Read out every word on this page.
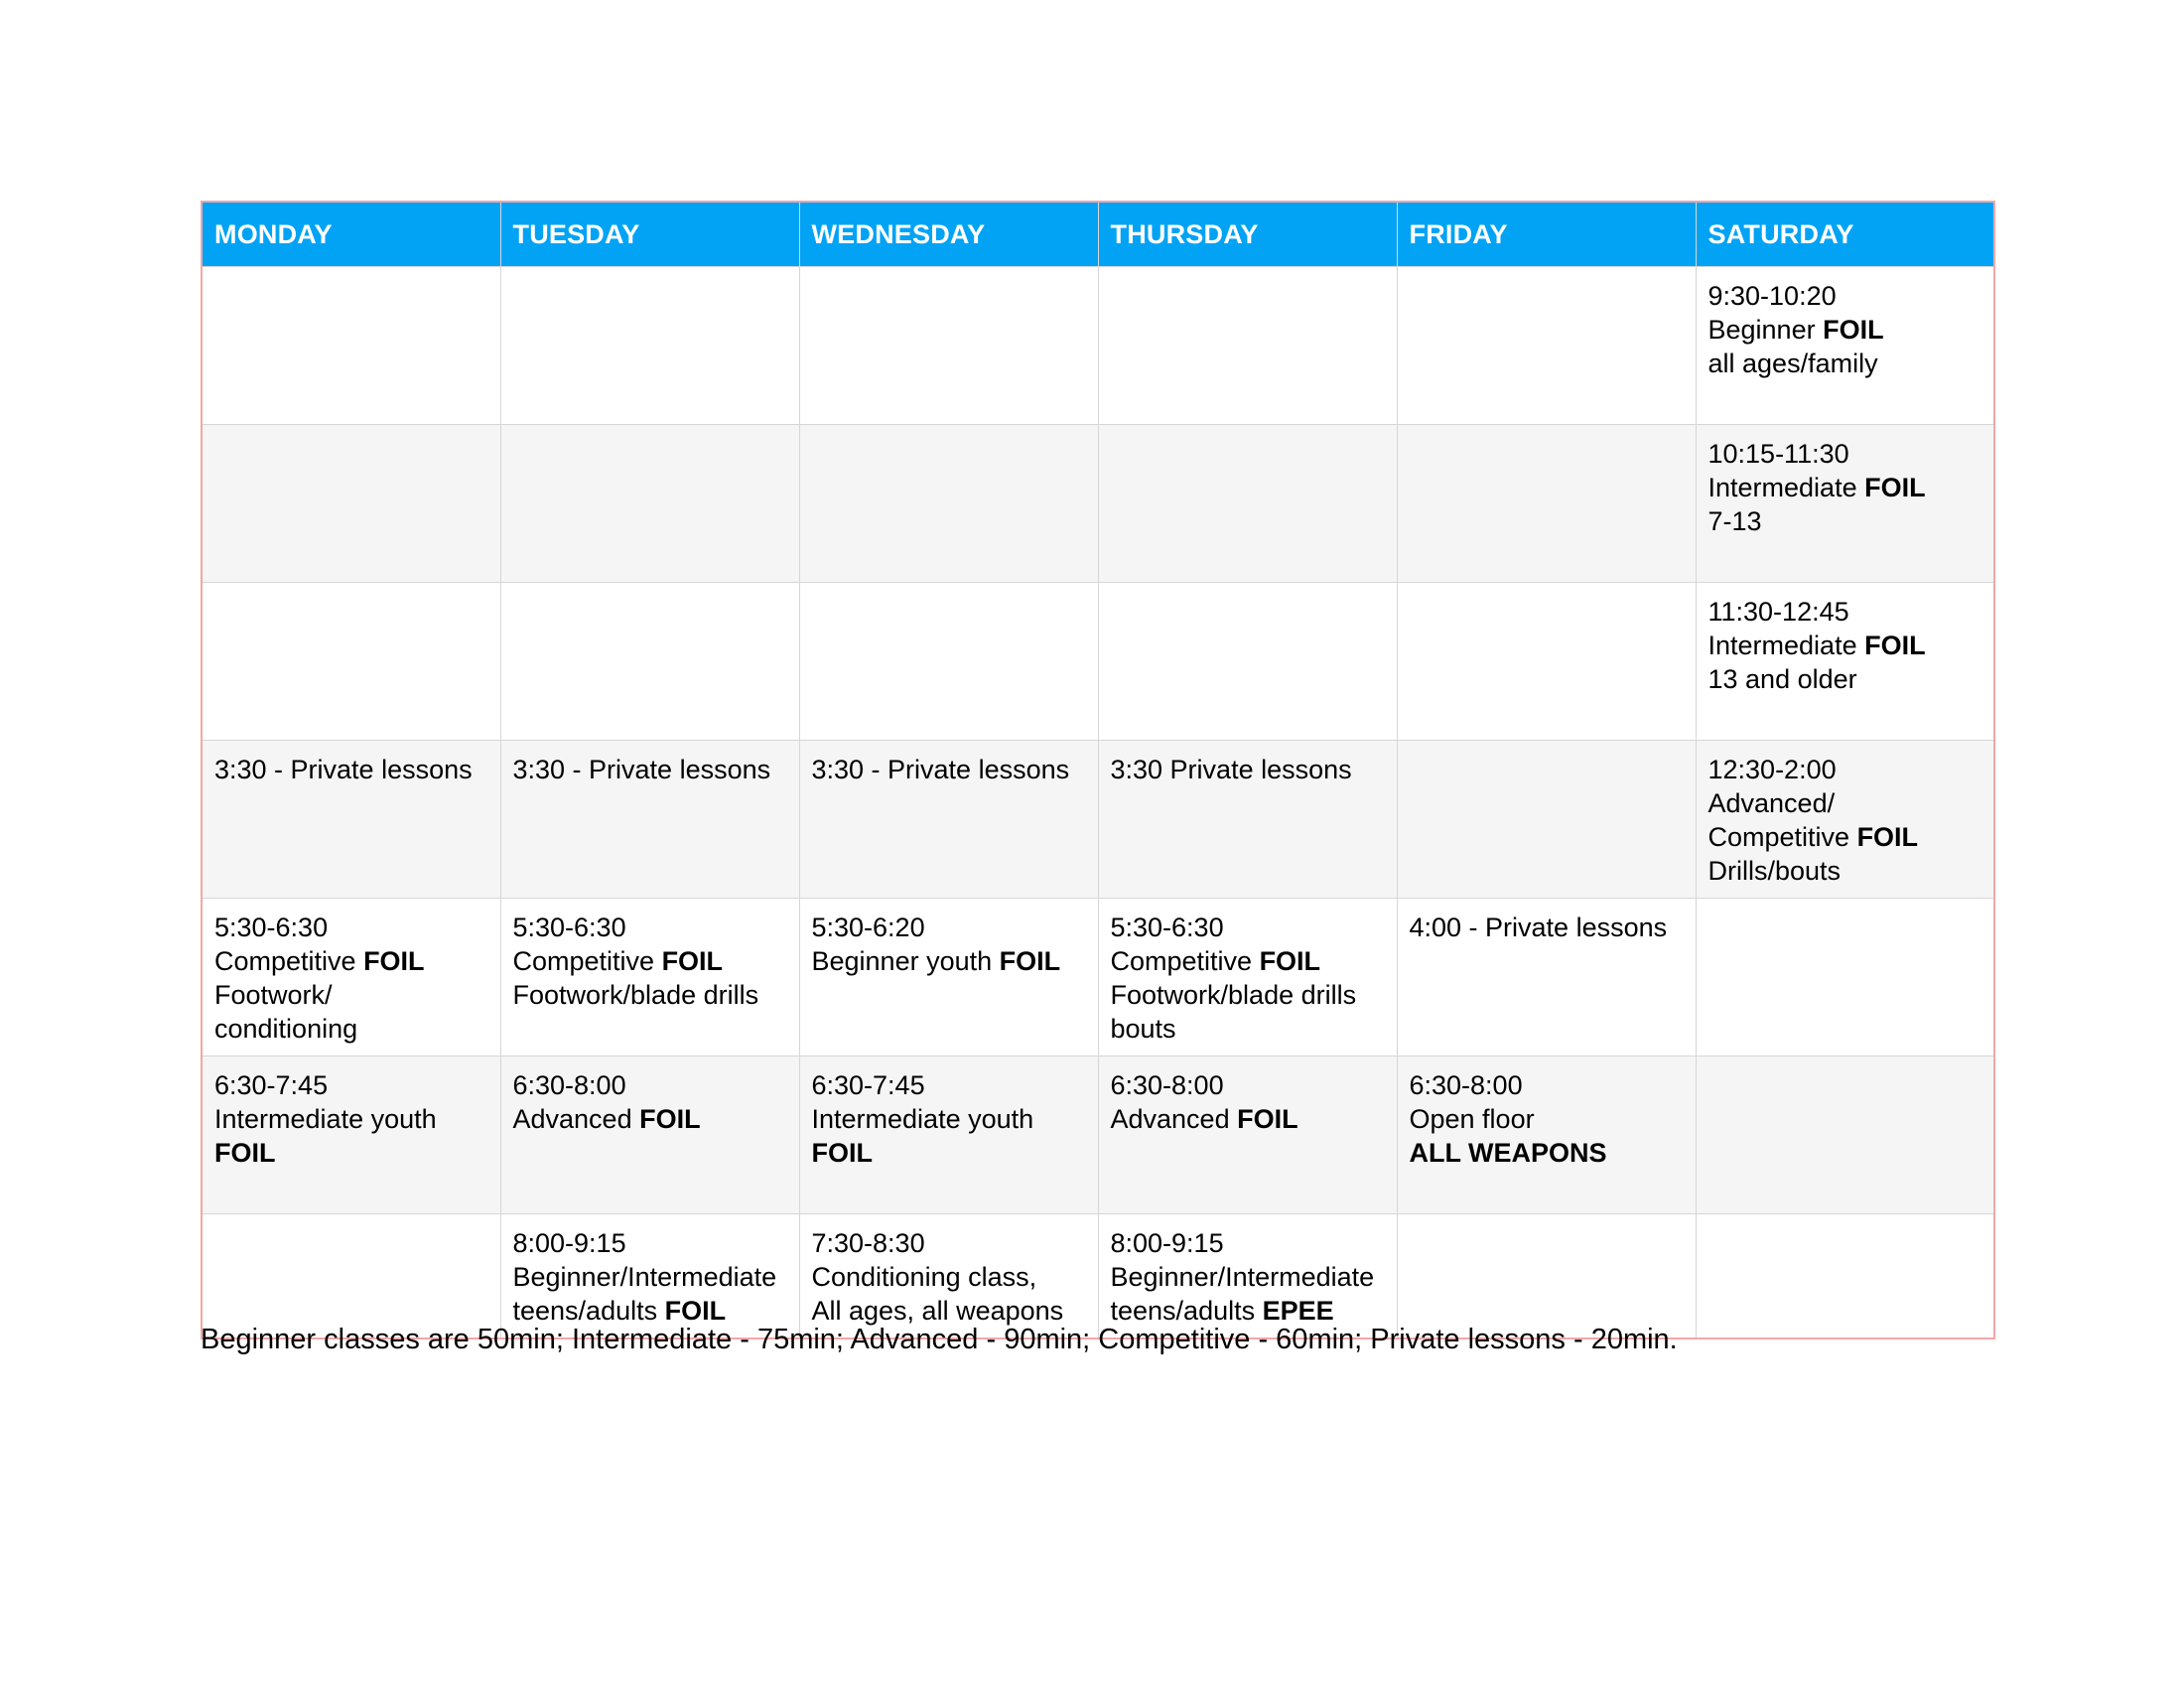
MONDAY	TUESDAY	WEDNESDAY	THURSDAY	FRIDAY	SATURDAY

					9:30-10:20
Beginner FOIL
all ages/family

					10:15-11:30
Intermediate FOIL
7-13

					11:30-12:45
Intermediate FOIL
13 and older

3:30 - Private lessons	3:30 - Private lessons	3:30 - Private lessons	3:30 Private lessons		12:30-2:00
Advanced/
Competitive FOIL
Drills/bouts

5:30-6:30
Competitive FOIL
Footwork/
conditioning	5:30-6:30
Competitive FOIL
Footwork/blade drills	5:30-6:20
Beginner youth FOIL	5:30-6:30
Competitive FOIL
Footwork/blade drills
bouts	4:00 - Private lessons	

6:30-7:45
Intermediate youth
FOIL	6:30-8:00
Advanced FOIL	6:30-7:45
Intermediate youth
FOIL	6:30-8:00
Advanced FOIL	6:30-8:00
Open floor
ALL WEAPONS	

	8:00-9:15
Beginner/Intermediate
teens/adults FOIL	7:30-8:30
Conditioning class,
All ages, all weapons	8:00-9:15
Beginner/Intermediate
teens/adults EPEE		

Beginner classes are 50min; Intermediate - 75min; Advanced - 90min; Competitive - 60min; Private lessons - 20min.
